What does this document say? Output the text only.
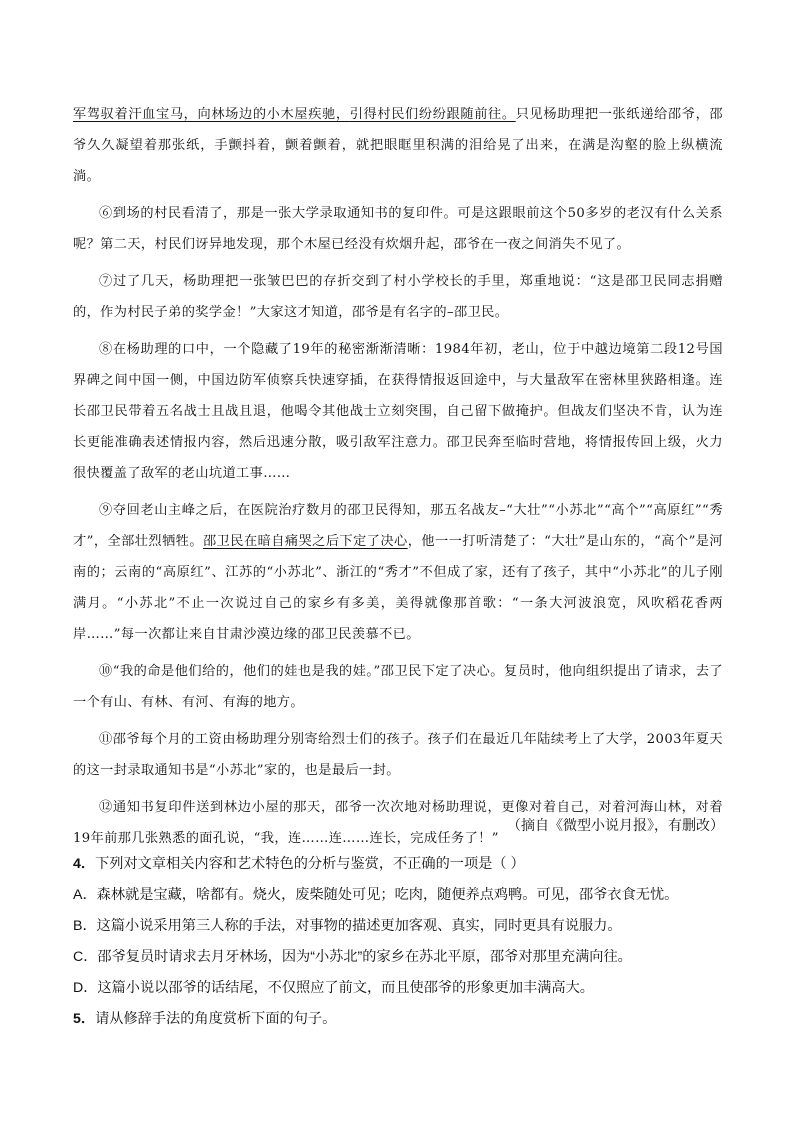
军驾驭着汗血宝马，向林场边的小木屋疾驰，引得村民们纷纷跟随前往。只见杨助理把一张纸递给邵爷，邵爷久久凝望着那张纸，手颤抖着，颤着颤着，就把眼眶里积满的泪给晃了出来，在满是沟壑的脸上纵横流淌。

⑥到场的村民看清了，那是一张大学录取通知书的复印件。可是这跟眼前这个50多岁的老汉有什么关系呢？第二天，村民们讶异地发现，那个木屋已经没有炊烟升起，邵爷在一夜之间消失不见了。

⑦过了几天，杨助理把一张皱巴巴的存折交到了村小学校长的手里，郑重地说：“这是邵卫民同志捐赠的，作为村民子弟的奖学金！”大家这才知道，邵爷是有名字的–邵卫民。

⑧在杨助理的口中，一个隐藏了19年的秘密渐渐清晰：1984年初，老山，位于中越边境第二段12号国界碑之间中国一侧，中国边防军侦察兵快速穿插，在获得情报返回途中，与大量敌军在密林里狭路相逢。连长邵卫民带着五名战士且战且退，他喝令其他战士立刻突围，自己留下做掩护。但战友们坚决不肯，认为连长更能准确表述情报内容，然后迅速分散，吸引敌军注意力。邵卫民奔至临时营地，将情报传回上级，火力很快覆盖了敌军的老山坑道工事……

⑨夺回老山主峰之后，在医院治疗数月的邵卫民得知，那五名战友–“大壮”“小苏北”“高个”“高原红”“秀才”，全部壮烈牺牲。邵卫民在暗自痛哭之后下定了决心，他一一打听清楚了：“大壮”是山东的，“高个”是河南的；云南的“高原红”、江苏的“小苏北”、浙江的“秀才”不但成了家，还有了孩子，其中“小苏北”的儿子刚满月。“小苏北”不止一次说过自己的家乡有多美，美得就像那首歌：“一条大河波浪宽，风吹稻花香两岸……”每一次都让来自甘肃沙漠边缘的邵卫民羡慕不已。

⑩“我的命是他们给的，他们的娃也是我的娃。”邵卫民下定了决心。复员时，他向组织提出了请求，去了一个有山、有林、有河、有海的地方。

⑪邵爷每个月的工资由杨助理分别寄给烈士们的孩子。孩子们在最近几年陆续考上了大学，2003年夏天的这一封录取通知书是“小苏北”家的，也是最后一封。

⑫通知书复印件送到林边小屋的那天，邵爷一次次地对杨助理说，更像对着自己，对着河海山林，对着19年前那几张熟悉的面孔说，“我，连……连……连长，完成任务了！”

（摘自《微型小说月报》，有删改）

4．下列对文章相关内容和艺术特色的分析与鉴赏，不正确的一项是（ ）

A．森林就是宝藏，啥都有。烧火，废柴随处可见；吃肉，随便养点鸡鸭。可见，邵爷衣食无忧。

B．这篇小说采用第三人称的手法，对事物的描述更加客观、真实，同时更具有说服力。

C．邵爷复员时请求去月牙林场，因为“小苏北”的家乡在苏北平原，邵爷对那里充满向往。

D．这篇小说以邵爷的话结尾，不仅照应了前文，而且使邵爷的形象更加丰满高大。

5．请从修辞手法的角度赏析下面的句子。
